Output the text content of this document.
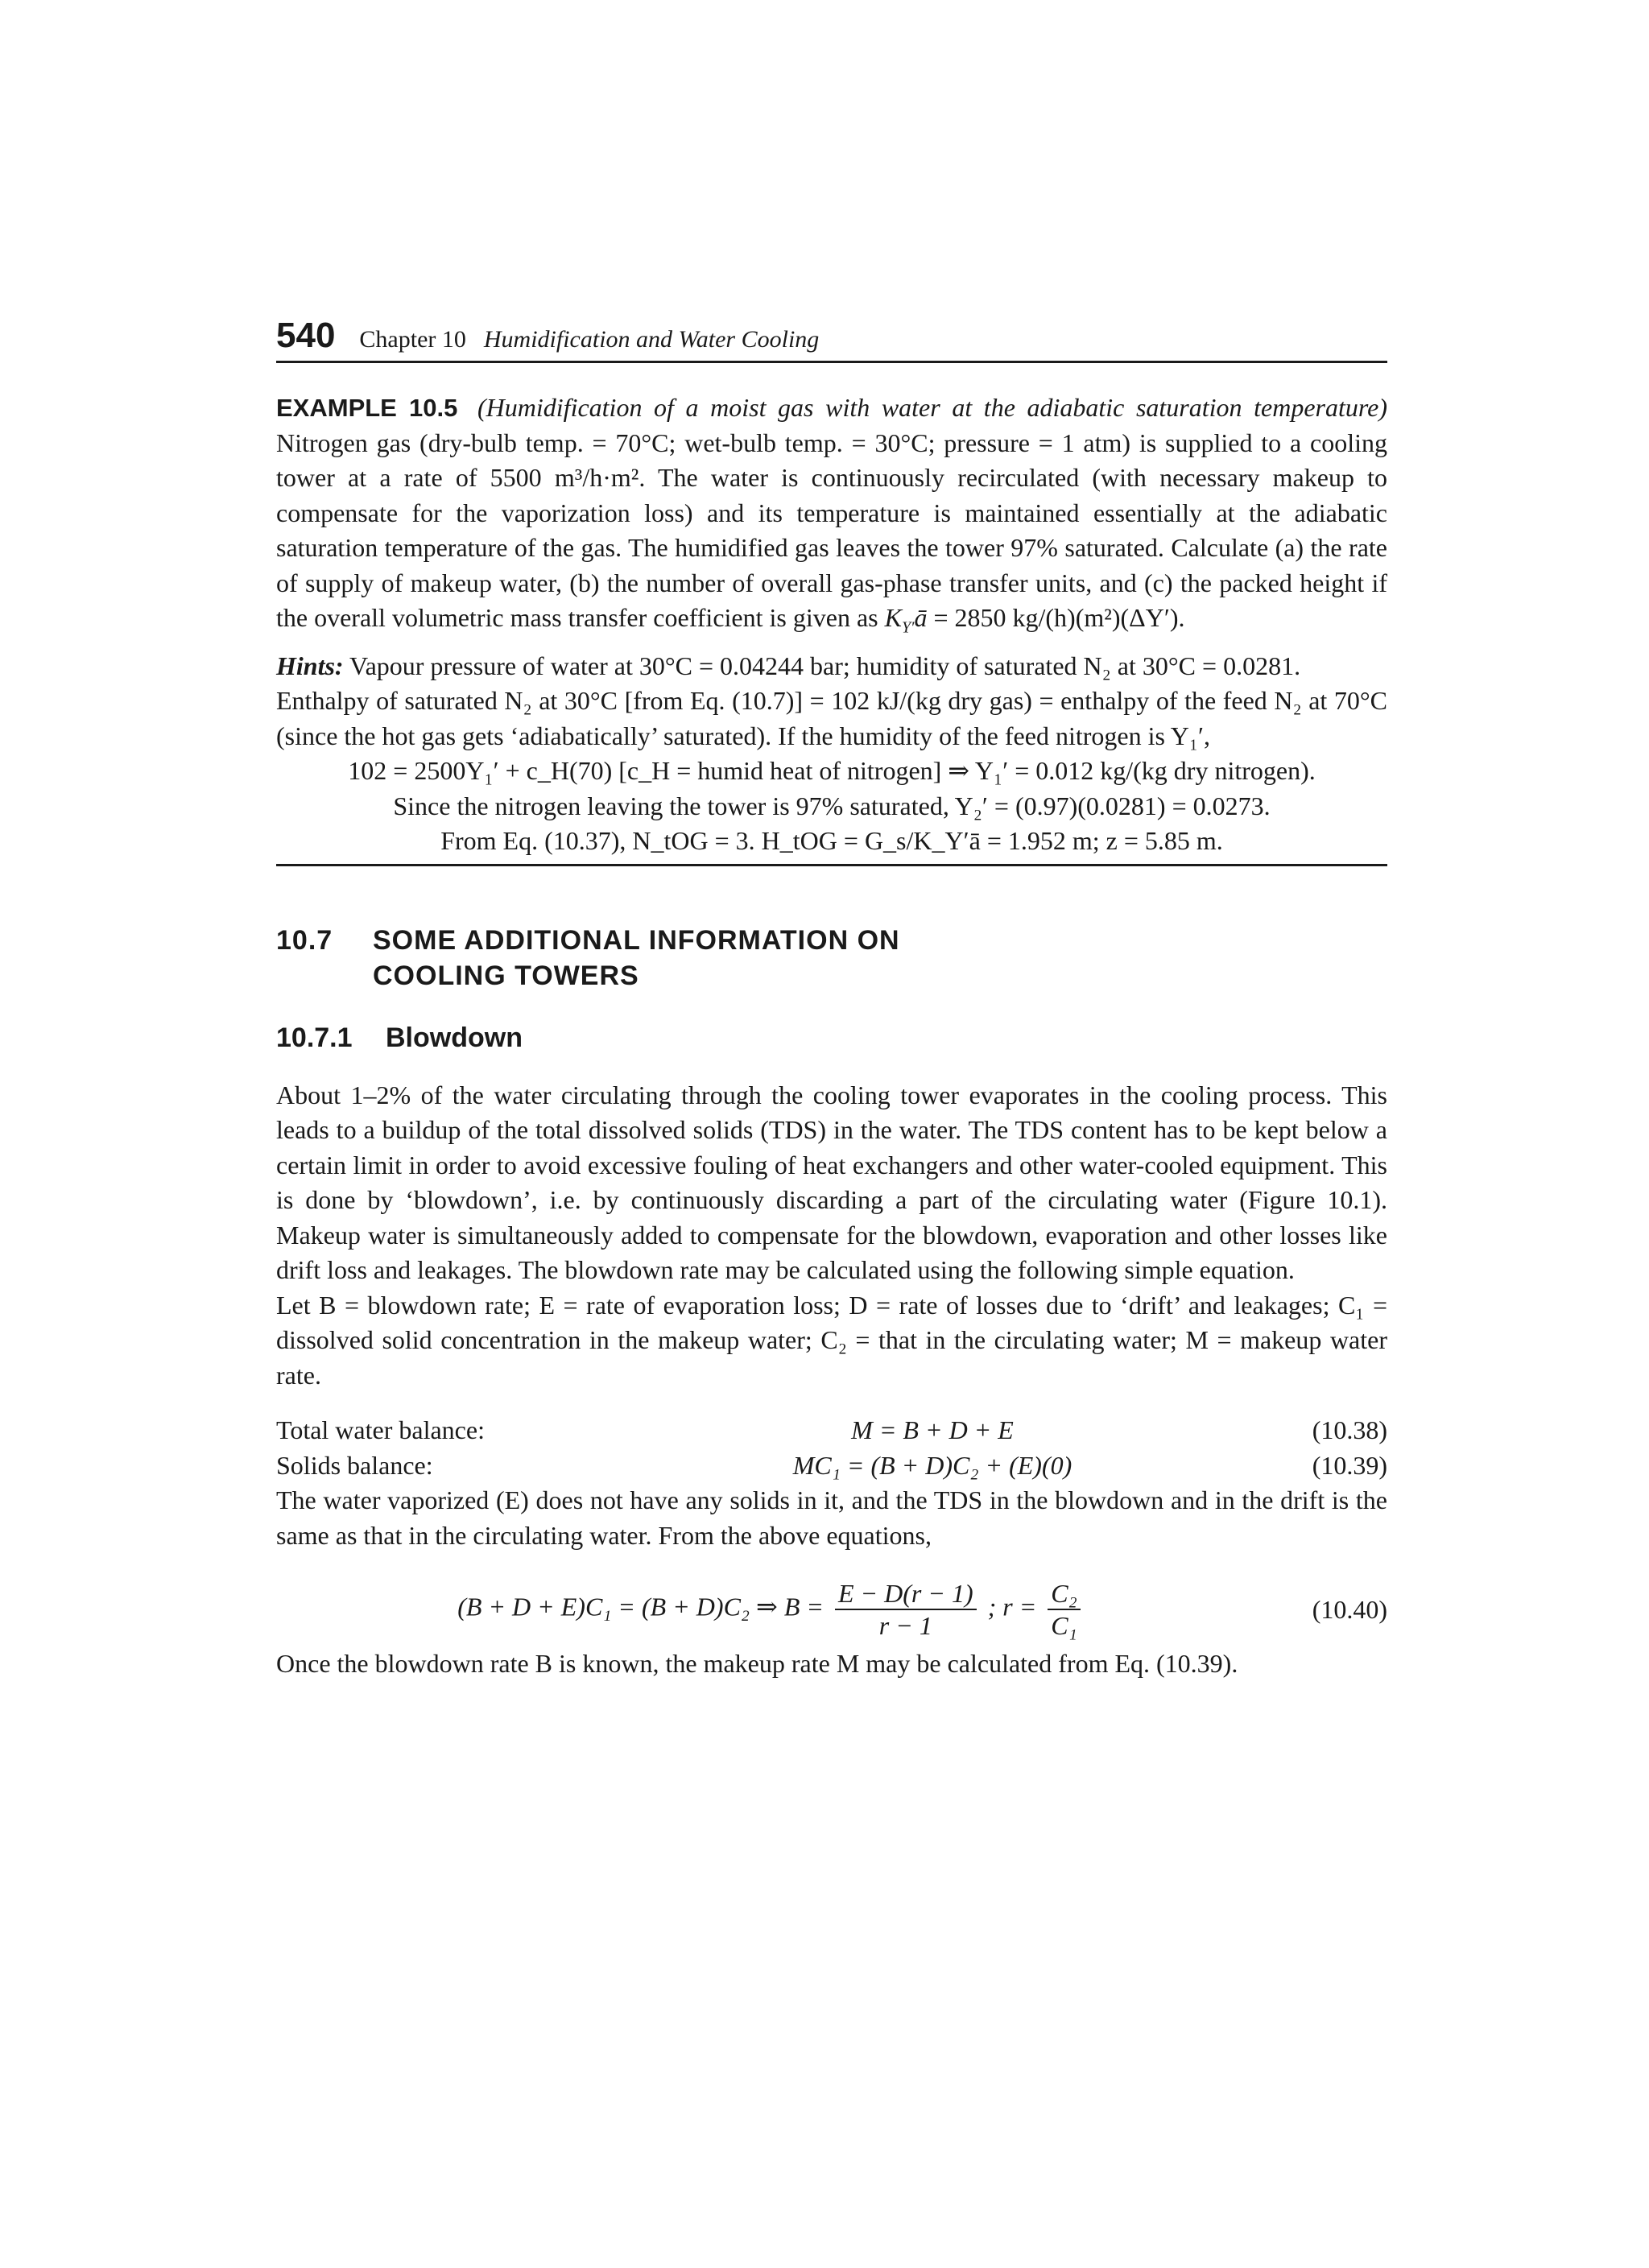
540 Chapter 10 Humidification and Water Cooling
EXAMPLE 10.5 (Humidification of a moist gas with water at the adiabatic saturation temperature) Nitrogen gas (dry-bulb temp. = 70°C; wet-bulb temp. = 30°C; pressure = 1 atm) is supplied to a cooling tower at a rate of 5500 m³/h·m². The water is continuously recirculated (with necessary makeup to compensate for the vaporization loss) and its temperature is maintained essentially at the adiabatic saturation temperature of the gas. The humidified gas leaves the tower 97% saturated. Calculate (a) the rate of supply of makeup water, (b) the number of overall gas-phase transfer units, and (c) the packed height if the overall volumetric mass transfer coefficient is given as $K_{Y'}ā = 2850$ kg/(h)(m²)(ΔY′).
Hints: Vapour pressure of water at 30°C = 0.04244 bar; humidity of saturated N₂ at 30°C = 0.0281.
Enthalpy of saturated N₂ at 30°C [from Eq. (10.7)] = 102 kJ/(kg dry gas) = enthalpy of the feed N₂ at 70°C (since the hot gas gets ‘adiabatically’ saturated). If the humidity of the feed nitrogen is Y₁′,
102 = 2500Y₁′ + c_H(70) [c_H = humid heat of nitrogen] ⇒ Y₁′ = 0.012 kg/(kg dry nitrogen).
Since the nitrogen leaving the tower is 97% saturated, Y₂′ = (0.97)(0.0281) = 0.0273.
From Eq. (10.37), N_tOG = 3. H_tOG = G_s/K_Y′ā = 1.952 m; z = 5.85 m.
10.7	SOME ADDITIONAL INFORMATION ON
COOLING TOWERS
10.7.1	Blowdown

About 1–2% of the water circulating through the cooling tower evaporates in the cooling process. This leads to a buildup of the total dissolved solids (TDS) in the water. The TDS content has to be kept below a certain limit in order to avoid excessive fouling of heat exchangers and other water-cooled equipment. This is done by ‘blowdown’, i.e. by continuously discarding a part of the circulating water (Figure 10.1). Makeup water is simultaneously added to compensate for the blowdown, evaporation and other losses like drift loss and leakages. The blowdown rate may be calculated using the following simple equation.

Let B = blowdown rate; E = rate of evaporation loss; D = rate of losses due to ‘drift’ and leakages; C₁ = dissolved solid concentration in the makeup water; C₂ = that in the circulating water; M = makeup water rate.

Total water balance:	M = B + D + E	(10.38)
Solids balance:	MC₁ = (B + D)C₂ + (E)(0)	(10.39)

The water vaporized (E) does not have any solids in it, and the TDS in the blowdown and in the drift is the same as that in the circulating water. From the above equations,

(B + D + E)C₁ = (B + D)C₂ ⇒ $B = \frac{E - D(r - 1)}{r - 1}$ ; $r = \frac{\text{C₂}}{\text{C₁}}$	(10.40)

Once the blowdown rate B is known, the makeup rate M may be calculated from Eq. (10.39).
